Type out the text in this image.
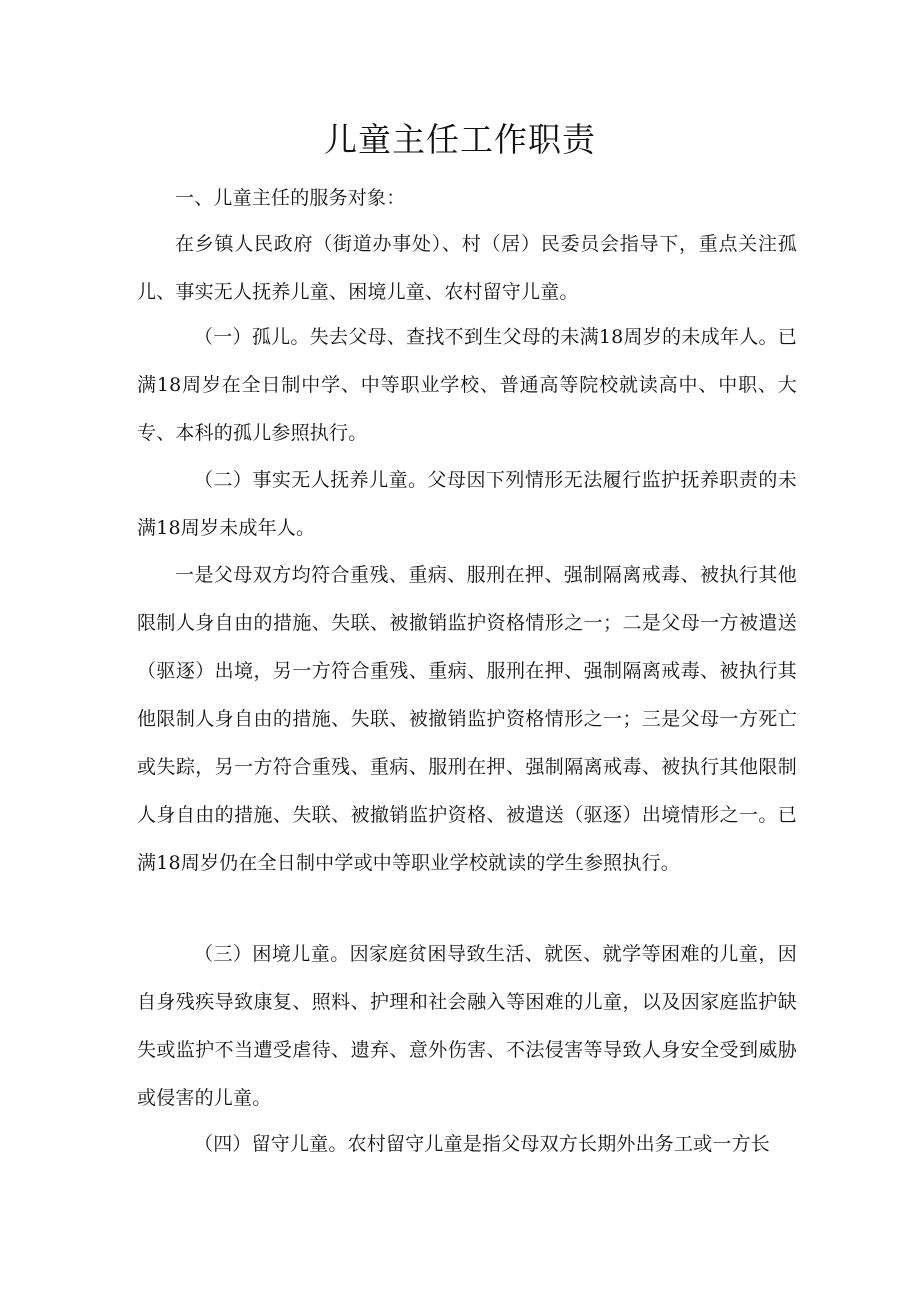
儿童主任工作职责

一、儿童主任的服务对象：

在乡镇人民政府（街道办事处）、村（居）民委员会指导下，重点关注孤儿、事实无人抚养儿童、困境儿童、农村留守儿童。

（一）孤儿。失去父母、查找不到生父母的未满18周岁的未成年人。已满18周岁在全日制中学、中等职业学校、普通高等院校就读高中、中职、大专、本科的孤儿参照执行。

（二）事实无人抚养儿童。父母因下列情形无法履行监护抚养职责的未满18周岁未成年人。

一是父母双方均符合重残、重病、服刑在押、强制隔离戒毒、被执行其他限制人身自由的措施、失联、被撤销监护资格情形之一；二是父母一方被遣送（驱逐）出境，另一方符合重残、重病、服刑在押、强制隔离戒毒、被执行其他限制人身自由的措施、失联、被撤销监护资格情形之一；三是父母一方死亡或失踪，另一方符合重残、重病、服刑在押、强制隔离戒毒、被执行其他限制人身自由的措施、失联、被撤销监护资格、被遣送（驱逐）出境情形之一。已满18周岁仍在全日制中学或中等职业学校就读的学生参照执行。

（三）困境儿童。因家庭贫困导致生活、就医、就学等困难的儿童，因自身残疾导致康复、照料、护理和社会融入等困难的儿童，以及因家庭监护缺失或监护不当遭受虐待、遗弃、意外伤害、不法侵害等导致人身安全受到威胁或侵害的儿童。

（四）留守儿童。农村留守儿童是指父母双方长期外出务工或一方长
